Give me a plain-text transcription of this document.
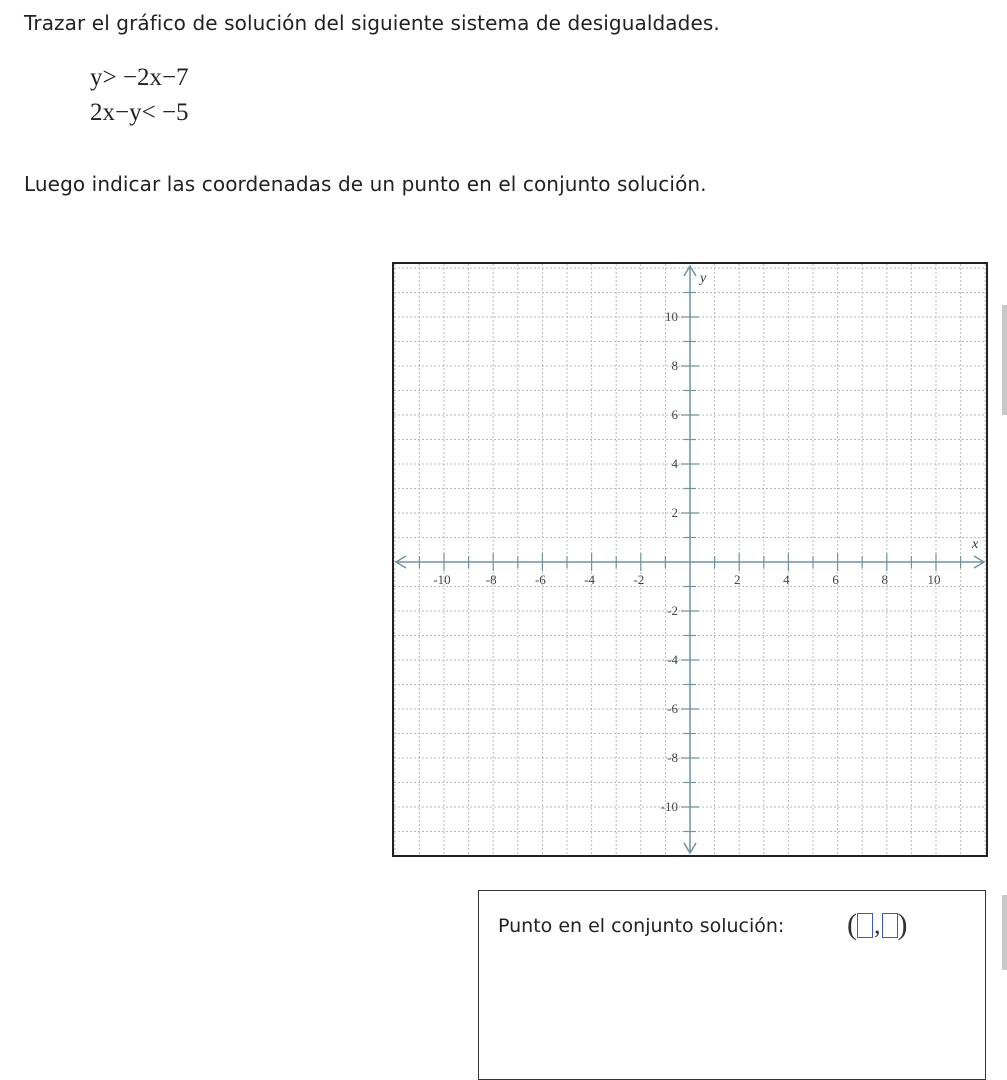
Trazar el gráfico de solución del siguiente sistema de desigualdades.

y> −2x−7
2x−y< −5

Luego indicar las coordenadas de un punto en el conjunto solución.

-10	-8	-6	-4	-2	2	4	6	8	10
10
8
6
4
2
-2
-4
-6
-8
-10
x
y
Punto en el conjunto solución: ( , )
